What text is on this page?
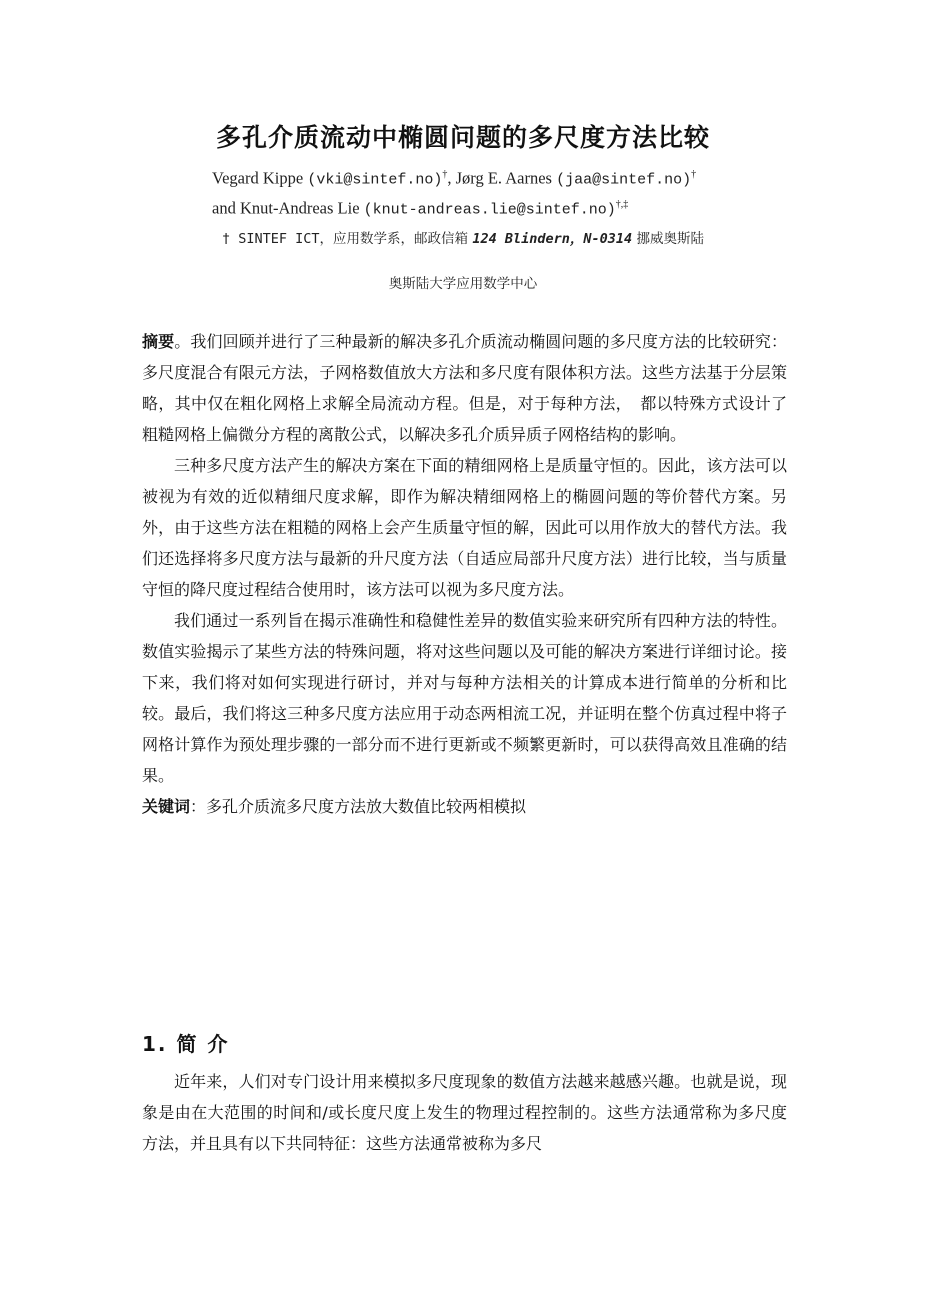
多孔介质流动中椭圆问题的多尺度方法比较
Vegard Kippe (vki@sintef.no)†, Jørg E. Aarnes (jaa@sintef.no)†
and Knut-Andreas Lie (knut-andreas.lie@sintef.no)†,‡
† SINTEF ICT，应用数学系，邮政信箱 124 Blindern，N-0314 挪威奥斯陆
奥斯陆大学应用数学中心

摘要。我们回顾并进行了三种最新的解决多孔介质流动椭圆问题的多尺度方法的比较研究：多尺度混合有限元方法，子网格数值放大方法和多尺度有限体积方法。这些方法基于分层策略，其中仅在粗化网格上求解全局流动方程。但是，对于每种方法，　都以特殊方式设计了粗糙网格上偏微分方程的离散公式，以解决多孔介质异质子网格结构的影响。

三种多尺度方法产生的解决方案在下面的精细网格上是质量守恒的。因此，该方法可以被视为有效的近似精细尺度求解，即作为解决精细网格上的椭圆问题的等价替代方案。另外，由于这些方法在粗糙的网格上会产生质量守恒的解，因此可以用作放大的替代方法。我们还选择将多尺度方法与最新的升尺度方法（自适应局部升尺度方法）进行比较，当与质量守恒的降尺度过程结合使用时，该方法可以视为多尺度方法。

我们通过一系列旨在揭示准确性和稳健性差异的数值实验来研究所有四种方法的特性。数值实验揭示了某些方法的特殊问题，将对这些问题以及可能的解决方案进行详细讨论。接下来，我们将对如何实现进行研讨，并对与每种方法相关的计算成本进行简单的分析和比较。最后，我们将这三种多尺度方法应用于动态两相流工况，并证明在整个仿真过程中将子网格计算作为预处理步骤的一部分而不进行更新或不频繁更新时，可以获得高效且准确的结果。

关键词：多孔介质流多尺度方法放大数值比较两相模拟

1. 简 介

近年来，人们对专门设计用来模拟多尺度现象的数值方法越来越感兴趣。也就是说，现象是由在大范围的时间和/或长度尺度上发生的物理过程控制的。这些方法通常称为多尺度方法，并且具有以下共同特征：这些方法通常被称为多尺
